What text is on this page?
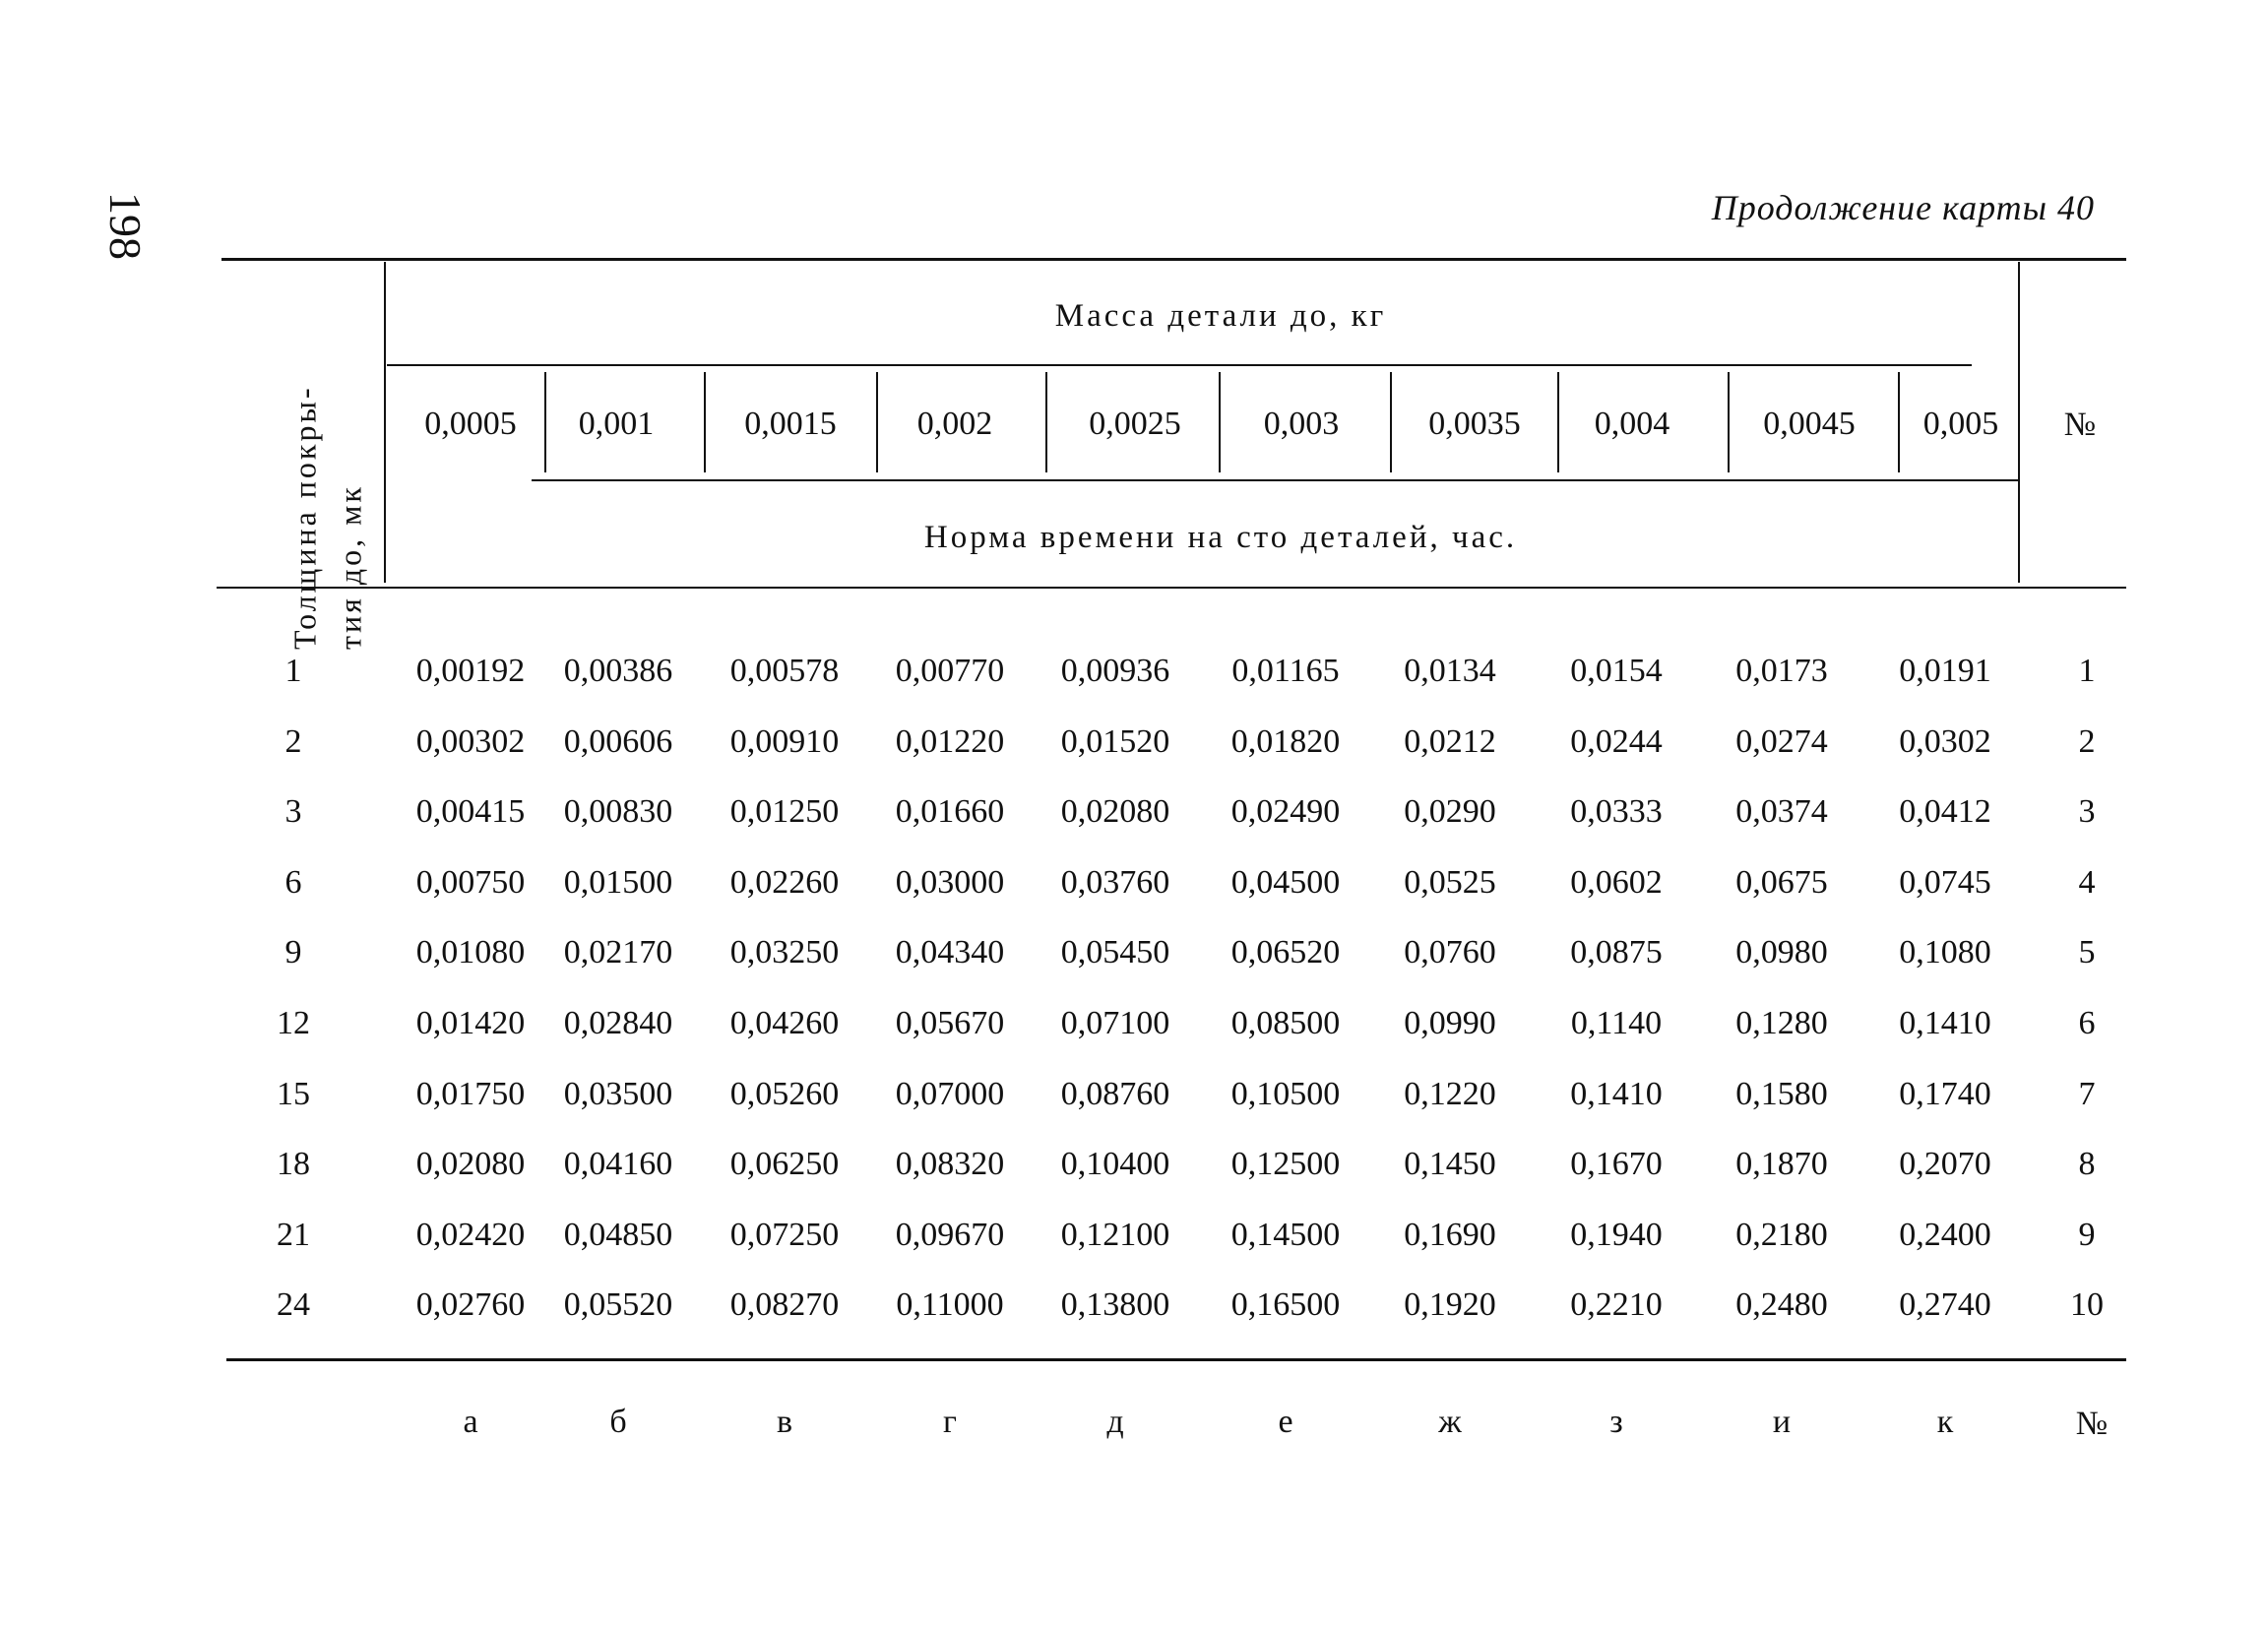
198	Продолжение карты 40
Толщина покры- тия до, мк
Масса детали до, кг
Норма времени на сто деталей, час.
№
0,0005 0,001	0,0015 0,002	0,0025 0,003	0,0035 0,004	0,0045 0,005
1	0,00192 0,00386 0,00578 0,00770 0,00936 0,01165 0,0134 0,0154 0,0173 0,0191	1
2	0,00302 0,00606 0,00910 0,01220 0,01520 0,01820 0,0212 0,0244 0,0274 0,0302	2
3	0,00415 0,00830 0,01250 0,01660 0,02080 0,02490 0,0290 0,0333 0,0374 0,0412	3
6	0,00750 0,01500 0,02260 0,03000 0,03760 0,04500 0,0525 0,0602 0,0675 0,0745	4
9	0,01080 0,02170 0,03250 0,04340 0,05450 0,06520 0,0760 0,0875 0,0980 0,1080	5
12	0,01420 0,02840 0,04260 0,05670 0,07100 0,08500 0,0990 0,1140 0,1280 0,1410	6
15	0,01750 0,03500 0,05260 0,07000 0,08760 0,10500 0,1220 0,1410 0,1580 0,1740	7
18	0,02080 0,04160 0,06250 0,08320 0,10400 0,12500 0,1450 0,1670 0,1870 0,2070	8
21	0,02420 0,04850 0,07250 0,09670 0,12100 0,14500 0,1690 0,1940 0,2180 0,2400	9
24	0,02760 0,05520 0,08270 0,11000 0,13800 0,16500 0,1920 0,2210 0,2480 0,2740 10
а	б	в	г	д	е	ж	з	и	к	№
